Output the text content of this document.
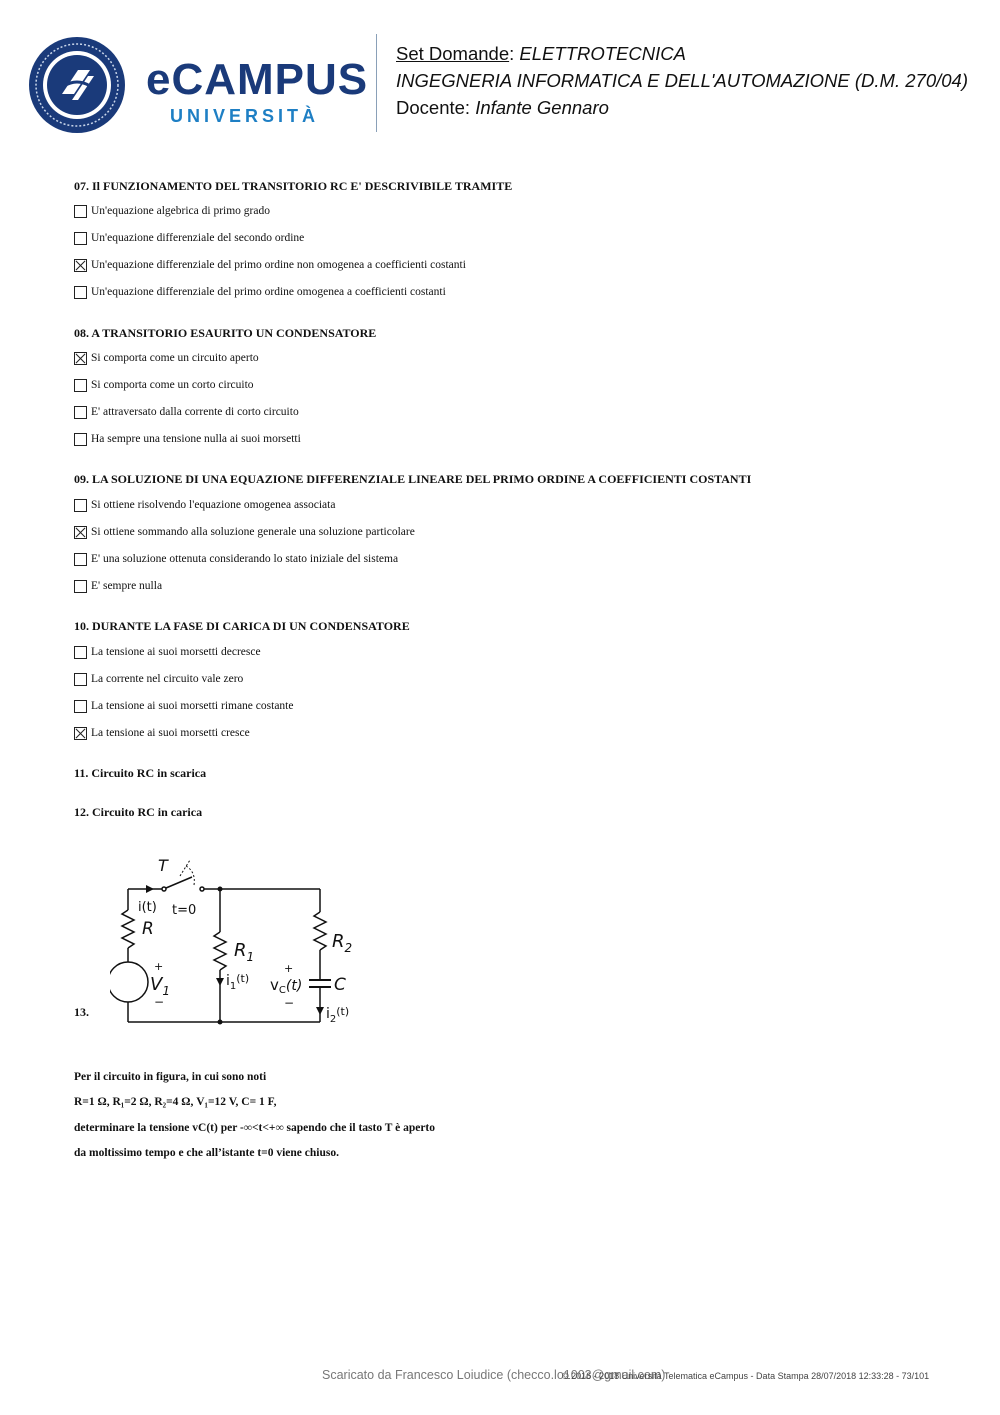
eCAMPUS
UNIVERSITÀ
Set Domande: ELETTROTECNICA
INGEGNERIA INFORMATICA E DELL'AUTOMAZIONE (D.M. 270/04)
Docente: Infante Gennaro
07. Il FUNZIONAMENTO DEL TRANSITORIO RC E' DESCRIVIBILE TRAMITE
Un'equazione algebrica di primo grado
Un'equazione differenziale del secondo ordine
Un'equazione differenziale del primo ordine non omogenea a coefficienti costanti
Un'equazione differenziale del primo ordine omogenea a coefficienti costanti
08. A TRANSITORIO ESAURITO UN CONDENSATORE
Si comporta come un circuito aperto
Si comporta come un corto circuito
E' attraversato dalla corrente di corto circuito
Ha sempre una tensione nulla ai suoi morsetti
09. LA SOLUZIONE DI UNA EQUAZIONE DIFFERENZIALE LINEARE DEL PRIMO ORDINE A COEFFICIENTI COSTANTI
Si ottiene risolvendo l'equazione omogenea associata
Si ottiene sommando alla soluzione generale una soluzione particolare
E' una soluzione ottenuta considerando lo stato iniziale del sistema
E' sempre nulla
10. DURANTE LA FASE DI CARICA DI UN CONDENSATORE
La tensione ai suoi morsetti decresce
La corrente nel circuito vale zero
La tensione ai suoi morsetti rimane costante
La tensione ai suoi morsetti cresce
11. Circuito RC in scarica
12. Circuito RC in carica
13.
T
t=0
i(t)
R
+
$V_1$
−
$R_1$
$i_1^{(t)}$
$R_2$
+
$v_C(t)$
−
C
$i_2^{(t)}$
Per il circuito in figura, in cui sono noti
R=1 Ω, R₁=2 Ω, R₂=4 Ω, V₁=12 V, C= 1 F,
determinare la tensione vC(t) per -∞<t<+∞ sapendo che il tasto T è aperto
da moltissimo tempo e che all’istante t=0 viene chiuso.
Scaricato da Francesco Loiudice (checco.lo1003@gmail.com)
© 2016 - 2018 Università Telematica eCampus - Data Stampa 28/07/2018 12:33:28 - 73/101
